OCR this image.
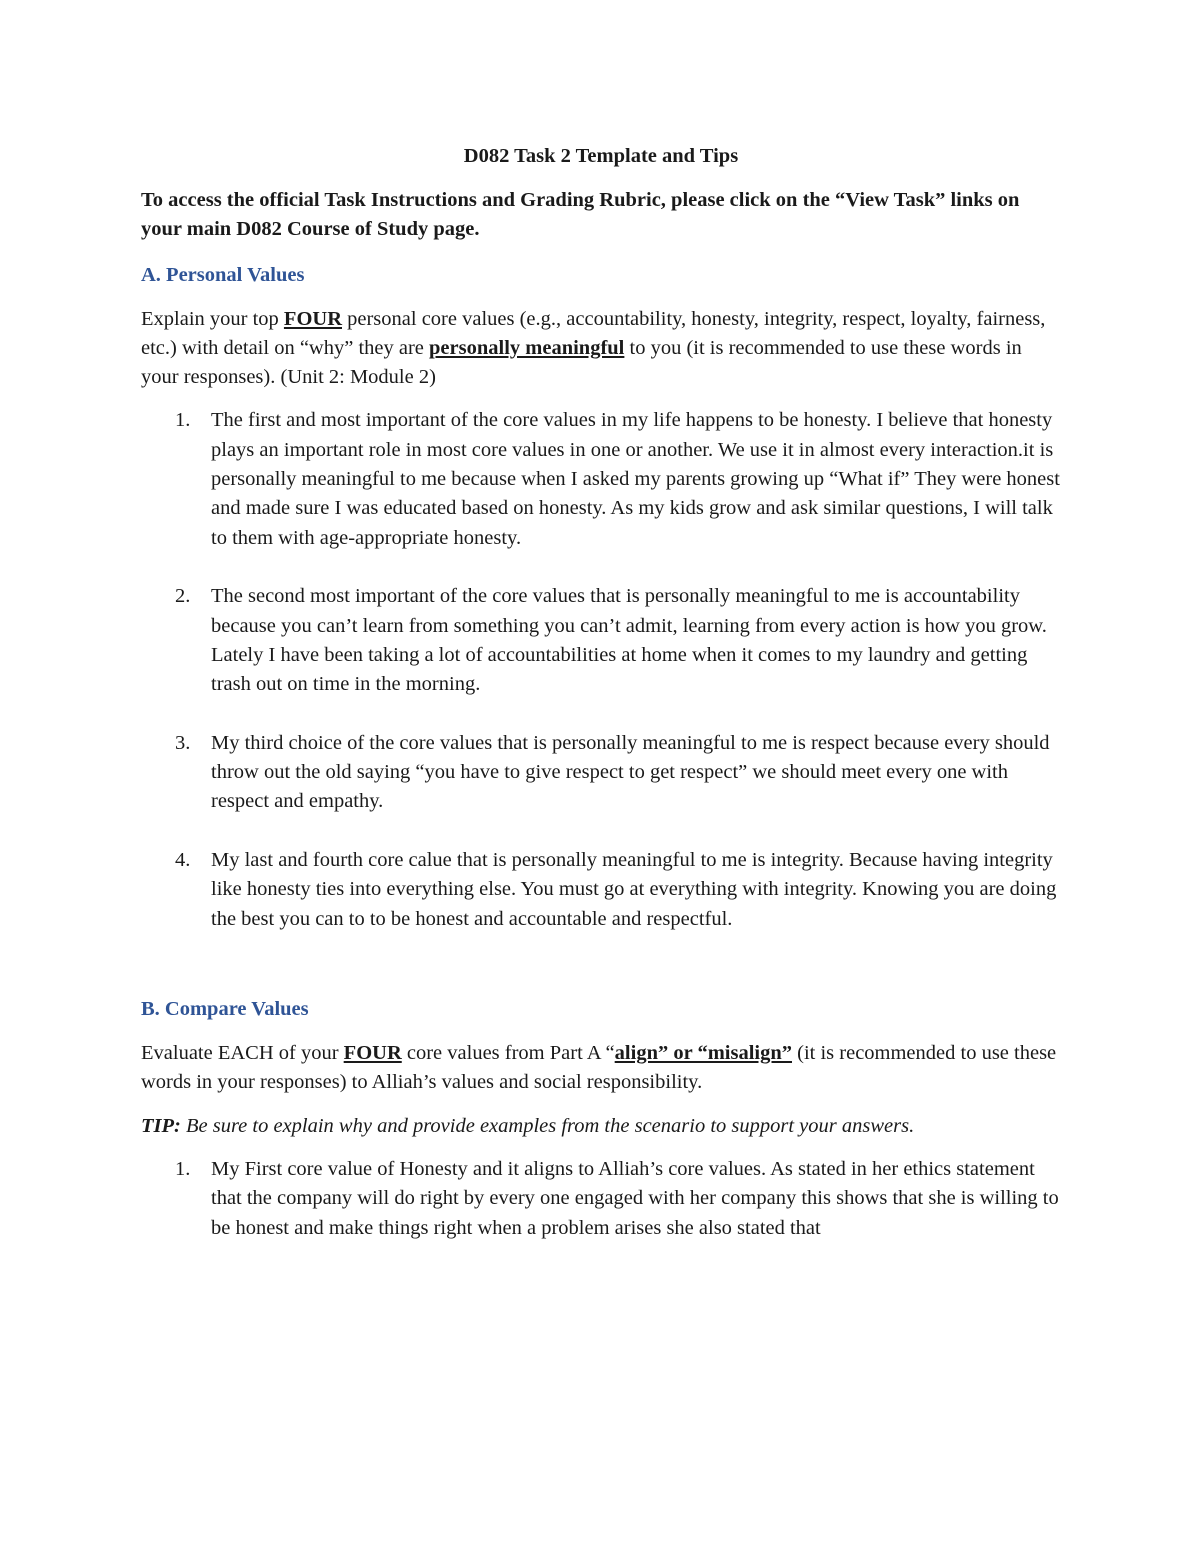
D082 Task 2 Template and Tips

To access the official Task Instructions and Grading Rubric, please click on the “View Task” links on your main D082 Course of Study page.

A. Personal Values

Explain your top FOUR personal core values (e.g., accountability, honesty, integrity, respect, loyalty, fairness, etc.) with detail on “why” they are personally meaningful to you (it is recommended to use these words in your responses). (Unit 2: Module 2)

1. The first and most important of the core values in my life happens to be honesty. I believe that honesty plays an important role in most core values in one or another. We use it in almost every interaction.it is personally meaningful to me because when I asked my parents growing up “What if” They were honest and made sure I was educated based on honesty. As my kids grow and ask similar questions, I will talk to them with age-appropriate honesty.
2. The second most important of the core values that is personally meaningful to me is accountability because you can’t learn from something you can’t admit, learning from every action is how you grow. Lately I have been taking a lot of accountabilities at home when it comes to my laundry and getting trash out on time in the morning.
3. My third choice of the core values that is personally meaningful to me is respect because every should throw out the old saying “you have to give respect to get respect” we should meet every one with respect and empathy.
4. My last and fourth core calue that is personally meaningful to me is integrity. Because having integrity like honesty ties into everything else. You must go at everything with integrity. Knowing you are doing the best you can to to be honest and accountable and respectful.

B. Compare Values

Evaluate EACH of your FOUR core values from Part A “align” or “misalign” (it is recommended to use these words in your responses) to Alliah’s values and social responsibility.

TIP: Be sure to explain why and provide examples from the scenario to support your answers.

1. My First core value of Honesty and it aligns to Alliah’s core values. As stated in her ethics statement that the company will do right by every one engaged with her company this shows that she is willing to be honest and make things right when a problem arises she also stated that
